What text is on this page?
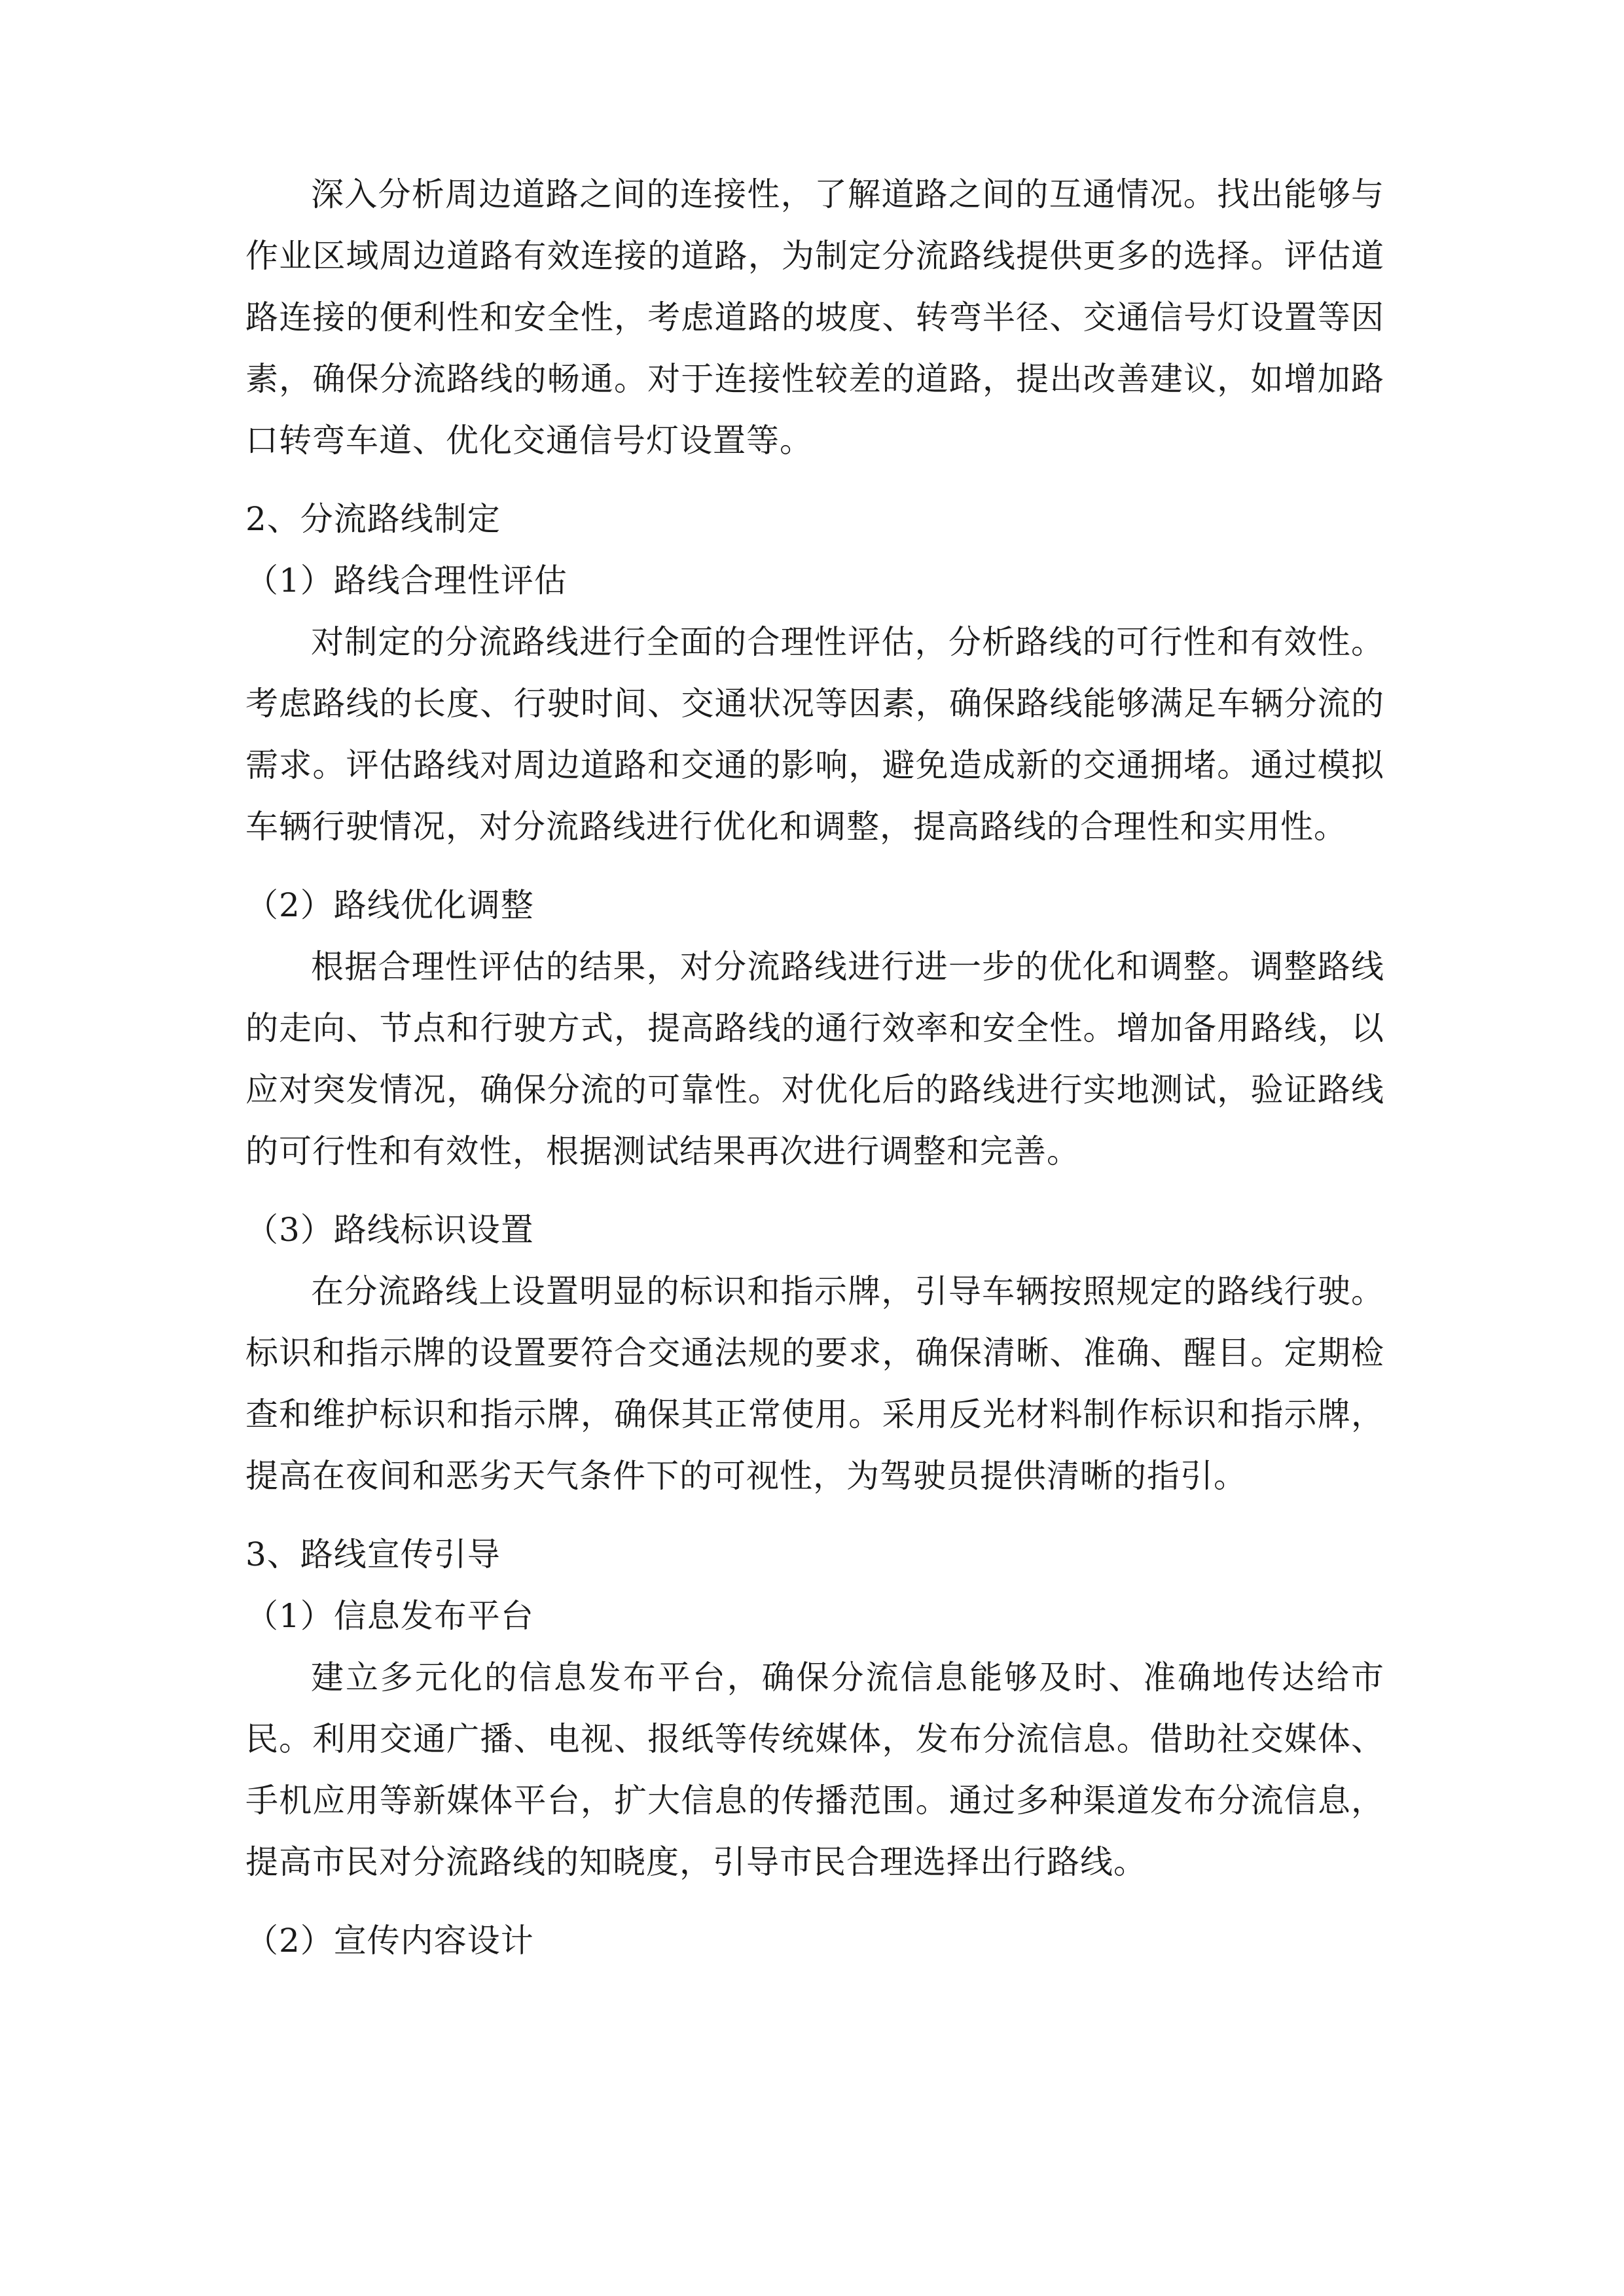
深入分析周边道路之间的连接性，了解道路之间的互通情况。找出能够与作业区域周边道路有效连接的道路，为制定分流路线提供更多的选择。评估道路连接的便利性和安全性，考虑道路的坡度、转弯半径、交通信号灯设置等因素，确保分流路线的畅通。对于连接性较差的道路，提出改善建议，如增加路口转弯车道、优化交通信号灯设置等。

2、分流路线制定

（1）路线合理性评估

对制定的分流路线进行全面的合理性评估，分析路线的可行性和有效性。考虑路线的长度、行驶时间、交通状况等因素，确保路线能够满足车辆分流的需求。评估路线对周边道路和交通的影响，避免造成新的交通拥堵。通过模拟车辆行驶情况，对分流路线进行优化和调整，提高路线的合理性和实用性。

（2）路线优化调整

根据合理性评估的结果，对分流路线进行进一步的优化和调整。调整路线的走向、节点和行驶方式，提高路线的通行效率和安全性。增加备用路线，以应对突发情况，确保分流的可靠性。对优化后的路线进行实地测试，验证路线的可行性和有效性，根据测试结果再次进行调整和完善。

（3）路线标识设置

在分流路线上设置明显的标识和指示牌，引导车辆按照规定的路线行驶。标识和指示牌的设置要符合交通法规的要求，确保清晰、准确、醒目。定期检查和维护标识和指示牌，确保其正常使用。采用反光材料制作标识和指示牌，提高在夜间和恶劣天气条件下的可视性，为驾驶员提供清晰的指引。

3、路线宣传引导

（1）信息发布平台

建立多元化的信息发布平台，确保分流信息能够及时、准确地传达给市民。利用交通广播、电视、报纸等传统媒体，发布分流信息。借助社交媒体、手机应用等新媒体平台，扩大信息的传播范围。通过多种渠道发布分流信息，提高市民对分流路线的知晓度，引导市民合理选择出行路线。

（2）宣传内容设计
